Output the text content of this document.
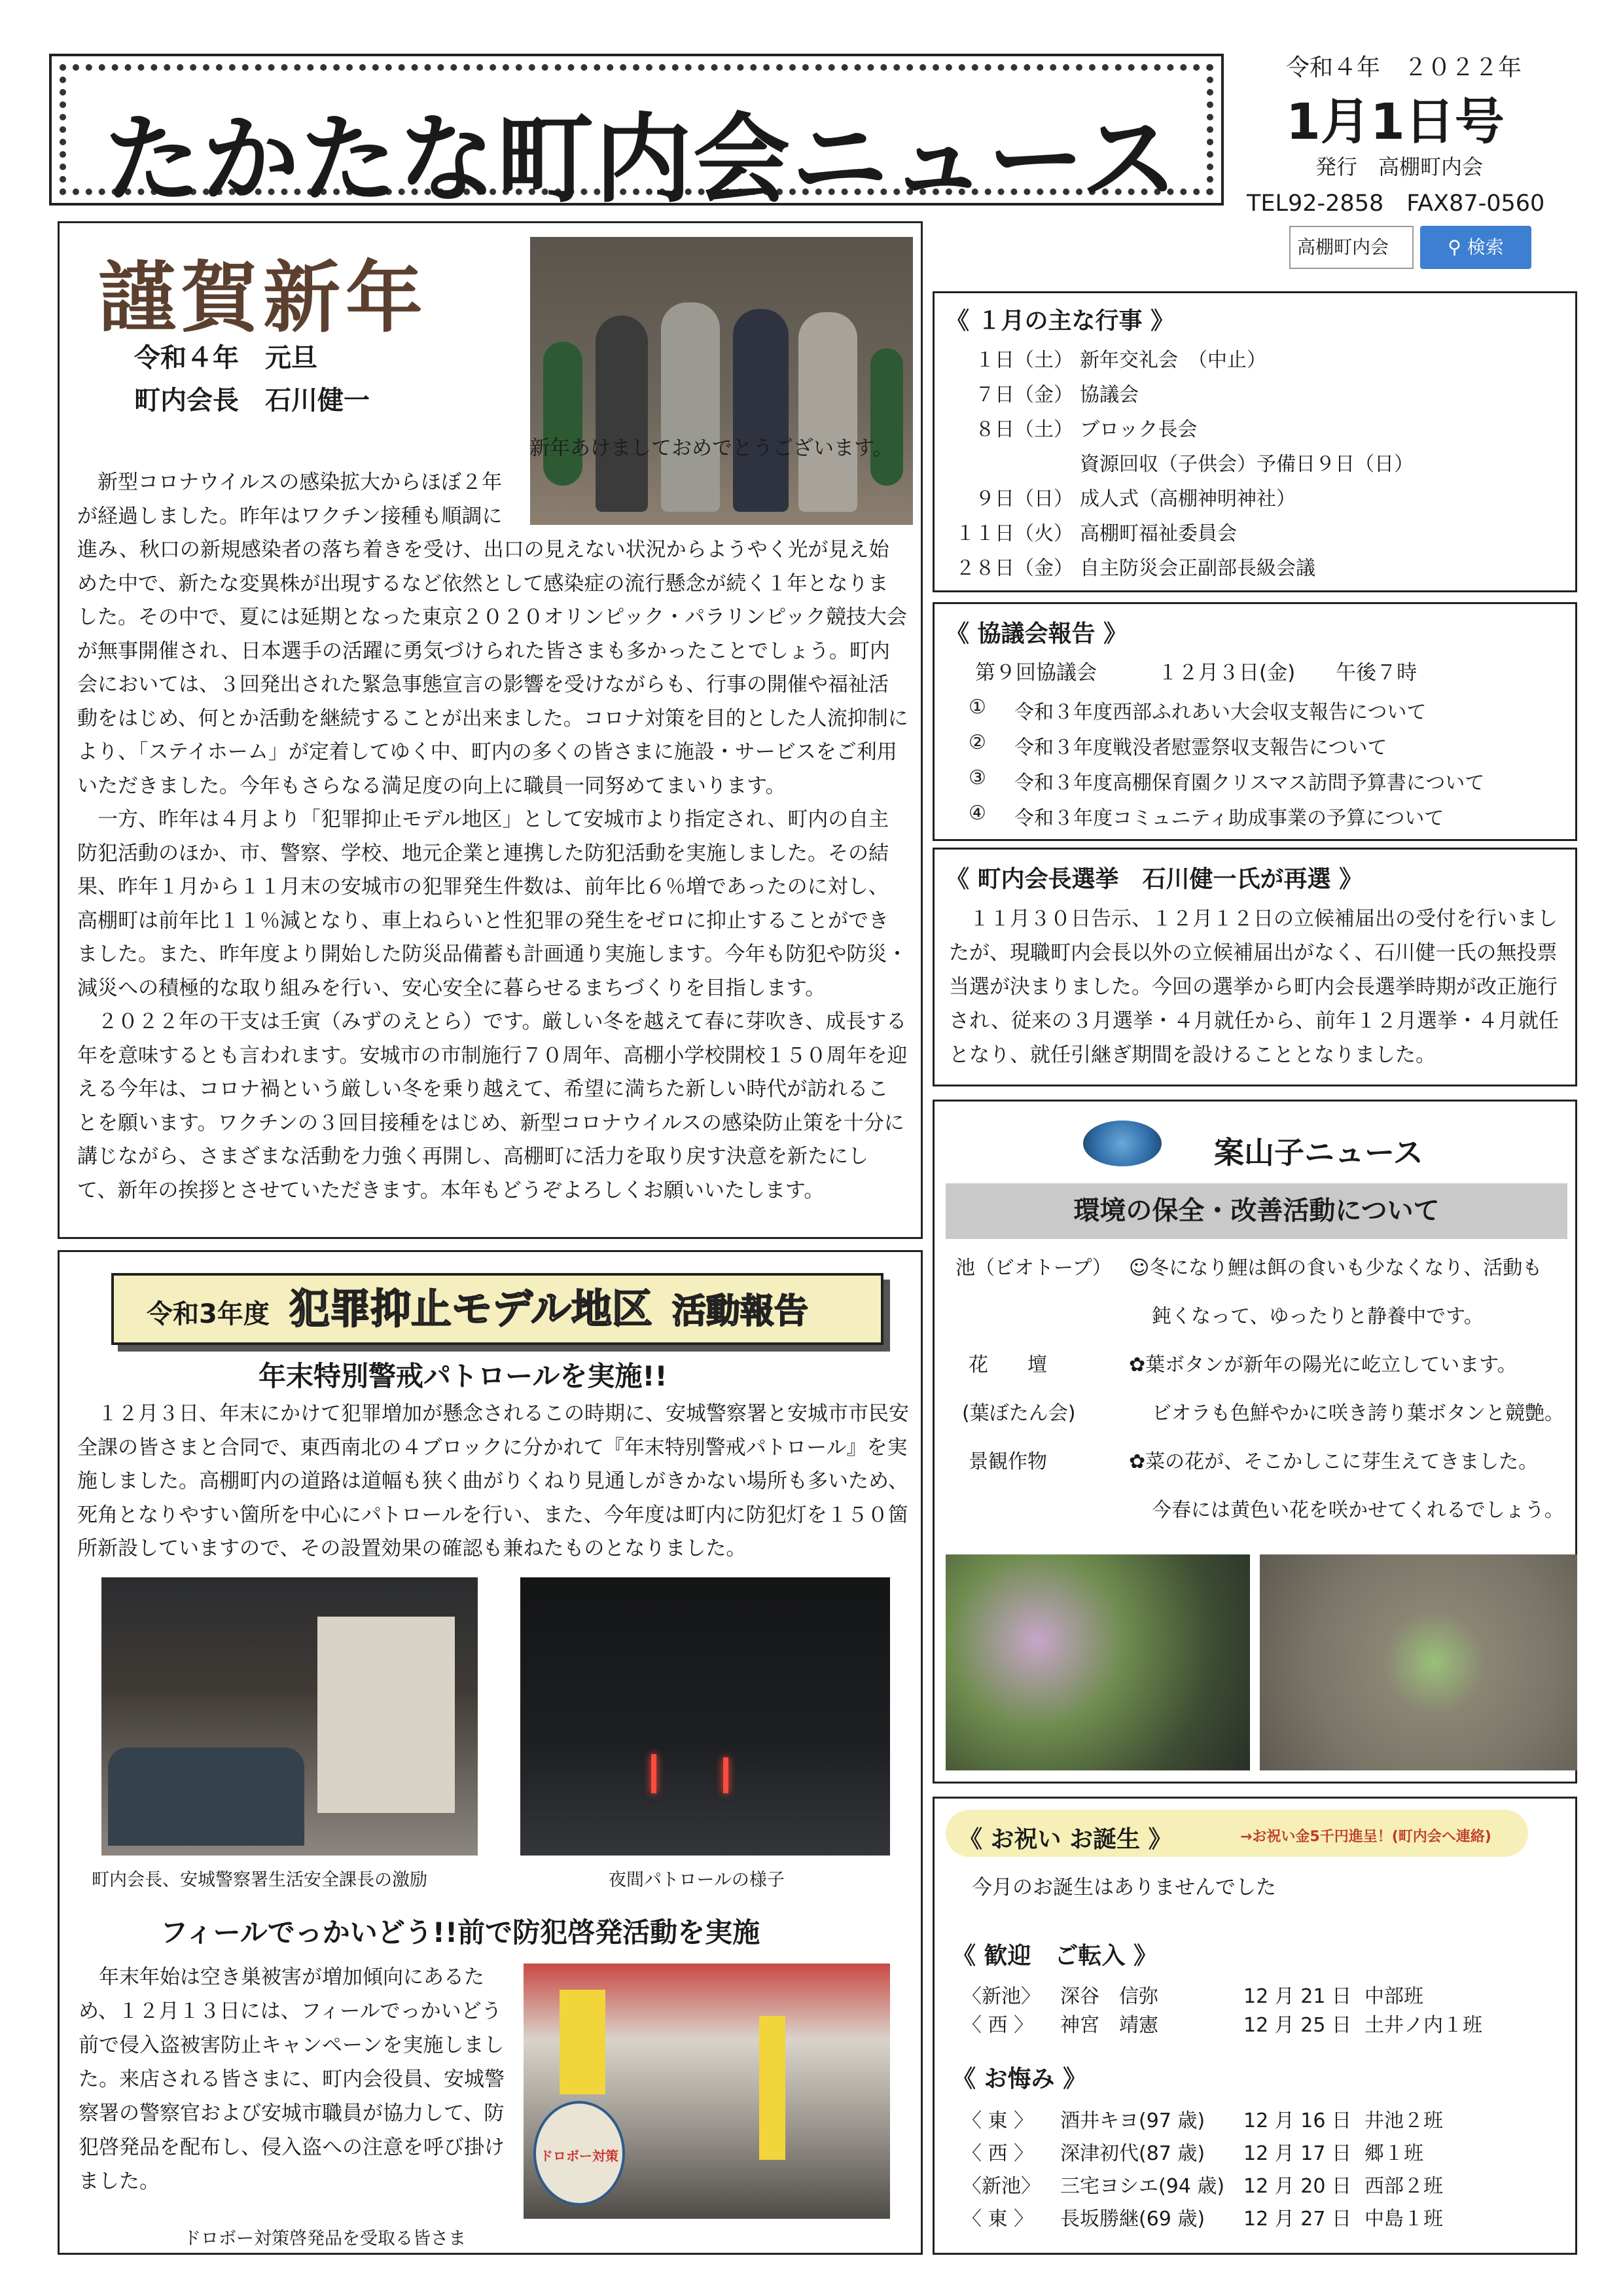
たかたな町内会ニュース
令和４年　２０２２年
1月1日号
発行　高棚町内会
TEL92-2858　FAX87-0560
高棚町内会	⚲ 検索
謹賀新年
令和４年　元旦
町内会長　石川健一

新年あけましておめでとうございます。

新型コロナウイルスの感染拡大からほぼ２年が経過しました。昨年はワクチン接種も順調に進み、秋口の新規感染者の落ち着きを受け、出口の見えない状況からようやく光が見え始めた中で、新たな変異株が出現するなど依然として感染症の流行懸念が続く１年となりました。その中で、夏には延期となった東京２０２０オリンピック・パラリンピック競技大会が無事開催され、日本選手の活躍に勇気づけられた皆さまも多かったことでしょう。町内会においては、３回発出された緊急事態宣言の影響を受けながらも、行事の開催や福祉活動をはじめ、何とか活動を継続することが出来ました。コロナ対策を目的とした人流抑制により、「ステイホーム」が定着してゆく中、町内の多くの皆さまに施設・サービスをご利用いただきました。今年もさらなる満足度の向上に職員一同努めてまいります。

一方、昨年は４月より「犯罪抑止モデル地区」として安城市より指定され、町内の自主防犯活動のほか、市、警察、学校、地元企業と連携した防犯活動を実施しました。その結果、昨年１月から１１月末の安城市の犯罪発生件数は、前年比６％増であったのに対し、高棚町は前年比１１％減となり、車上ねらいと性犯罪の発生をゼロに抑止することができました。また、昨年度より開始した防災品備蓄も計画通り実施します。今年も防犯や防災・減災への積極的な取り組みを行い、安心安全に暮らせるまちづくりを目指します。

２０２２年の干支は壬寅（みずのえとら）です。厳しい冬を越えて春に芽吹き、成長する年を意味するとも言われます。安城市の市制施行７０周年、高棚小学校開校１５０周年を迎える今年は、コロナ禍という厳しい冬を乗り越えて、希望に満ちた新しい時代が訪れることを願います。ワクチンの３回目接種をはじめ、新型コロナウイルスの感染防止策を十分に講じながら、さまざまな活動を力強く再開し、高棚町に活力を取り戻す決意を新たにして、新年の挨拶とさせていただきます。本年もどうぞよろしくお願いいたします。

《 １月の主な行事 》
１日（土） 新年交礼会　（中止）
７日（金） 協議会
８日（土） ブロック長会
資源回収（子供会）予備日９日（日）
９日（日） 成人式（高棚神明神社）
１１日（火） 高棚町福祉委員会
２８日（金） 自主防災会正副部長級会議
《 協議会報告 》
第９回協議会　　　１２月３日(金)　　午後７時
① 令和３年度西部ふれあい大会収支報告について
② 令和３年度戦没者慰霊祭収支報告について
③ 令和３年度高棚保育園クリスマス訪問予算書について
④ 令和３年度コミュニティ助成事業の予算について
《 町内会長選挙　石川健一氏が再選 》

１１月３０日告示、１２月１２日の立候補届出の受付を行いましたが、現職町内会長以外の立候補届出がなく、石川健一氏の無投票当選が決まりました。今回の選挙から町内会長選挙時期が改正施行され、従来の３月選挙・４月就任から、前年１２月選挙・４月就任となり、就任引継ぎ期間を設けることとなりました。

案山子ニュース
環境の保全・改善活動について
池（ビオトープ） ☺冬になり鯉は餌の食いも少なくなり、活動も
鈍くなって、ゆったりと静養中です。
花　　壇	✿葉ボタンが新年の陽光に屹立しています。
(葉ぼたん会)	ビオラも色鮮やかに咲き誇り葉ボタンと競艶。
景観作物	✿菜の花が、そこかしこに芽生えてきました。
今春には黄色い花を咲かせてくれるでしょう。
令和3年度 犯罪抑止モデル地区 活動報告
年末特別警戒パトロールを実施!!

１２月３日、年末にかけて犯罪増加が懸念されるこの時期に、安城警察署と安城市市民安全課の皆さまと合同で、東西南北の４ブロックに分かれて『年末特別警戒パトロール』を実施しました。高棚町内の道路は道幅も狭く曲がりくねり見通しがきかない場所も多いため、死角となりやすい箇所を中心にパトロールを行い、また、今年度は町内に防犯灯を１５０箇所新設していますので、その設置効果の確認も兼ねたものとなりました。

町内会長、安城警察署生活安全課長の激励	夜間パトロールの様子
フィールでっかいどう!!前で防犯啓発活動を実施

年末年始は空き巣被害が増加傾向にあるため、１２月１３日には、フィールでっかいどう前で侵入盗被害防止キャンペーンを実施しました。来店される皆さまに、町内会役員、安城警察署の警察官および安城市職員が協力して、防犯啓発品を配布し、侵入盗への注意を呼び掛けました。

ドロボー対策
ドロボー対策啓発品を受取る皆さま
《 お祝い お誕生 》	→お祝い金5千円進呈！(町内会へ連絡)
今月のお誕生はありませんでした
《 歓迎　ご転入 》
〈新池〉 深谷　信弥	12 月 21 日 中部班
〈 西 〉 神宮　靖憲	12 月 25 日 土井ノ内１班
《 お悔み 》
〈 東 〉 酒井キヨ(97 歳) 12 月 16 日 井池２班
〈 西 〉 深津初代(87 歳) 12 月 17 日 郷１班
〈新池〉 三宅ヨシエ(94 歳) 12 月 20 日 西部２班
〈 東 〉 長坂勝継(69 歳) 12 月 27 日 中島１班
